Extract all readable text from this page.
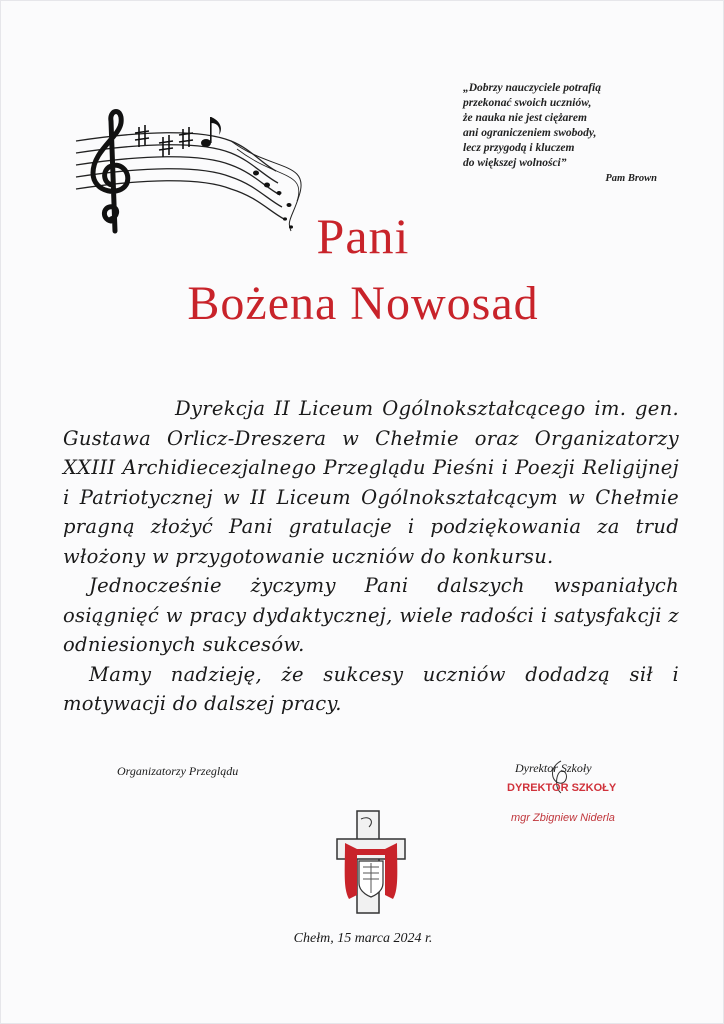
„Dobrzy nauczyciele potrafią
przekonać swoich uczniów,
że nauka nie jest ciężarem
ani ograniczeniem swobody,
lecz przygodą i kluczem
do większej wolności”
Pam Brown
Pani
Bożena Nowosad

Dyrekcja II Liceum Ogólnokształcącego im. gen. Gustawa Orlicz-Dreszera w Chełmie oraz Organizatorzy XXIII Archidiecezjalnego Przeglądu Pieśni i Poezji Religijnej i Patriotycznej w II Liceum Ogólnokształcącym w Chełmie pragną złożyć Pani gratulacje i podziękowania za trud włożony w przygotowanie uczniów do konkursu.

Jednocześnie życzymy Pani dalszych wspaniałych osiągnięć w pracy dydaktycznej, wiele radości i satysfakcji z odniesionych sukcesów.

Mamy nadzieję, że sukcesy uczniów dodadzą sił i motywacji do dalszej pracy.

Organizatorzy Przeglądu	Dyrektor Szkoły
DYREKTOR SZKOŁY
mgr Zbigniew Niderla
Chełm, 15 marca 2024 r.
